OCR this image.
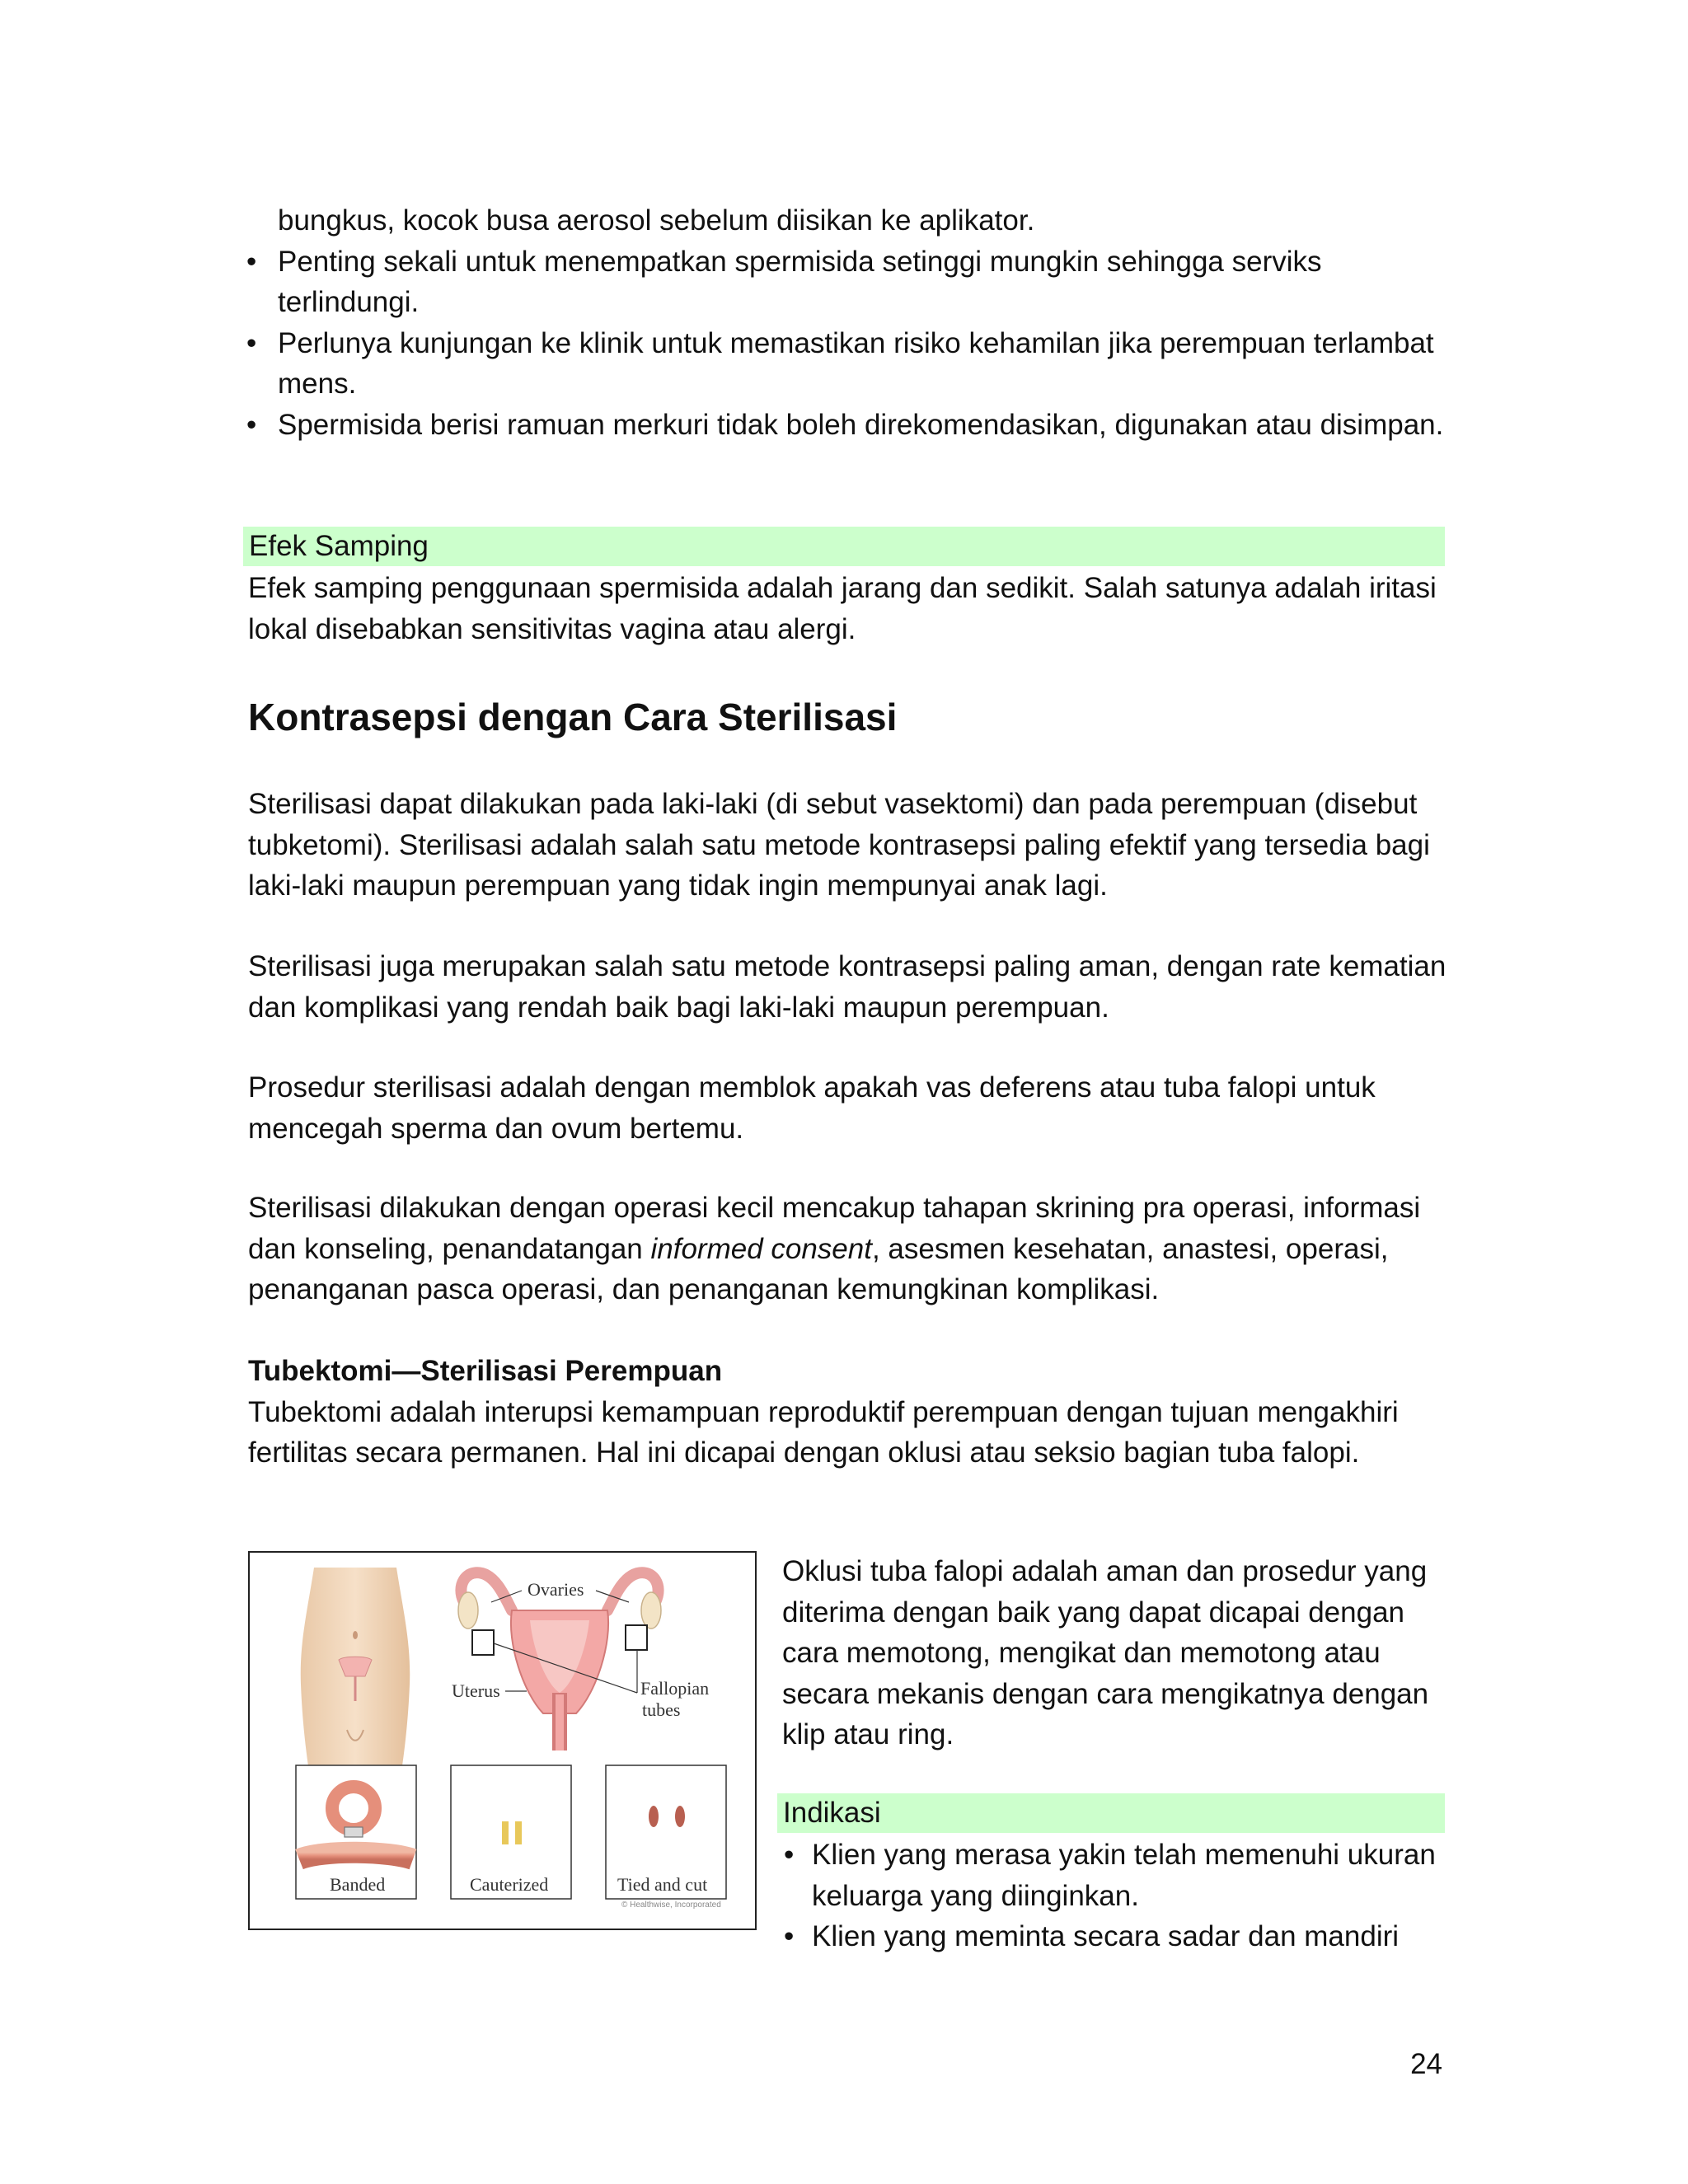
bungkus, kocok busa aerosol sebelum diisikan ke aplikator.
• Penting sekali untuk menempatkan spermisida setinggi mungkin sehingga serviks terlindungi.
• Perlunya kunjungan ke klinik untuk memastikan risiko kehamilan jika perempuan terlambat mens.
• Spermisida berisi ramuan merkuri tidak boleh direkomendasikan, digunakan atau disimpan.
Efek Samping

Efek samping penggunaan spermisida adalah jarang dan sedikit. Salah satunya adalah iritasi lokal disebabkan sensitivitas vagina atau alergi.

Kontrasepsi dengan Cara Sterilisasi

Sterilisasi dapat dilakukan pada laki-laki (di sebut vasektomi) dan pada perempuan (disebut tubketomi). Sterilisasi adalah salah satu metode kontrasepsi paling efektif yang tersedia bagi laki-laki maupun perempuan yang tidak ingin mempunyai anak lagi.

Sterilisasi juga merupakan salah satu metode kontrasepsi paling aman, dengan rate kematian dan komplikasi yang rendah baik bagi laki-laki maupun perempuan.

Prosedur sterilisasi adalah dengan memblok apakah vas deferens atau tuba falopi untuk mencegah sperma dan ovum bertemu.

Sterilisasi dilakukan dengan operasi kecil mencakup tahapan skrining pra operasi, informasi dan konseling, penandatangan informed consent, asesmen kesehatan, anastesi, operasi, penanganan pasca operasi, dan penanganan kemungkinan komplikasi.

Tubektomi—Sterilisasi Perempuan
Tubektomi adalah interupsi kemampuan reproduktif perempuan dengan tujuan mengakhiri fertilitas secara permanen. Hal ini dicapai dengan oklusi atau seksio bagian tuba falopi.
Ovaries
Uterus	Fallopian
tubes
Banded	Cauterized	Tied and cut
© Healthwise, Incorporated

Oklusi tuba falopi adalah aman dan prosedur yang diterima dengan baik yang dapat dicapai dengan cara memotong, mengikat dan memotong atau secara mekanis dengan cara mengikatnya dengan klip atau ring.

Indikasi
• Klien yang merasa yakin telah memenuhi ukuran keluarga yang diinginkan.
• Klien yang meminta secara sadar dan mandiri
24
